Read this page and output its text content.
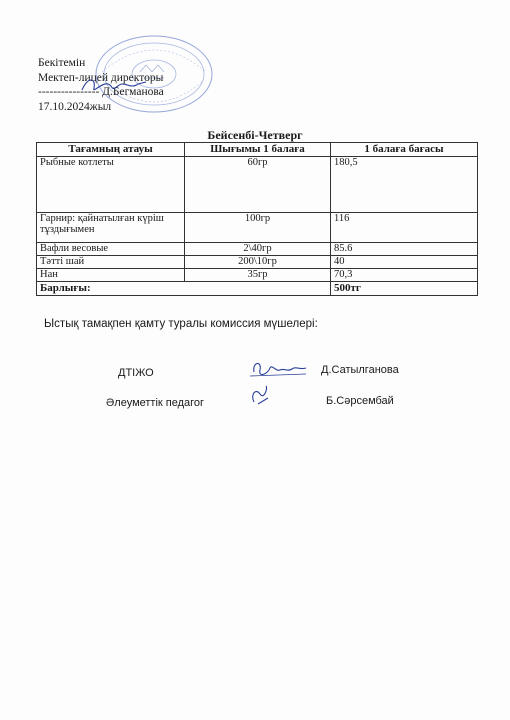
Бекітемін
Мектеп-лицей директоры
---------------- Д.Бегманова
17.10.2024жыл
Бейсенбі-Четверг
Тағамның атауы	Шығымы 1 балаға	1 балаға бағасы
Рыбные котлеты	60гр	180,5
Гарнир: қайнатылған күріш тұздығымен	100гр	116
Вафли весовые	2\40гр	85.6
Тәтті шай	200\10гр	40
Нан	35гр	70,3
Барлығы:		500тг
Ыстық тамақпен қамту туралы комиссия мүшелері:
ДТІЖО	Д.Сатылганова
Әлеуметтік педагог	Б.Сәрсембай
